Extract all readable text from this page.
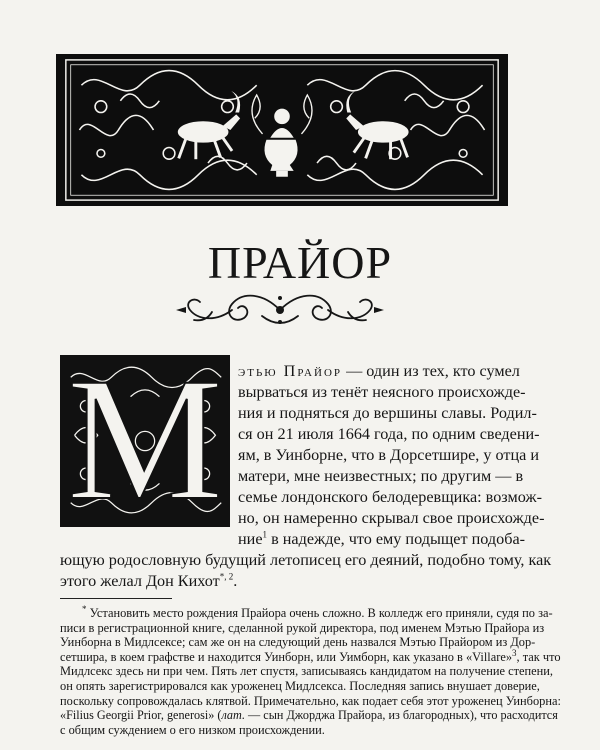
ПРАЙОР
М этью Прайор — один из тех, кто сумел
вырваться из тенёт неясного происхожде-
ния и подняться до вершины славы. Родил-
ся он 21 июля 1664 года, по одним сведени-
ям, в Уинборне, что в Дорсетшире, у отца и
матери, мне неизвестных; по другим — в
семье лондонского белодеревщика: возмож-
но, он намеренно скрывал свое происхожде-
ние$^1$ в надежде, что ему подыщет подоба-
ющую родословную будущий летописец его деяний, подобно тому, как
этого желал Дон Кихот$^{*, 2}$.
* Установить место рождения Прайора очень сложно. В колледж его приняли, судя по за-
писи в регистрационной книге, сделанной рукой директора, под именем Мэтью Прайора из
Уинборна в Мидлсексе; сам же он на следующий день назвался Мэтью Прайором из Дор-
сетшира, в коем графстве и находится Уинборн, или Уимборн, как указано в «Villare»$^3$, так что
Мидлсекс здесь ни при чем. Пять лет спустя, записываясь кандидатом на получение степени,
он опять зарегистрировался как уроженец Мидлсекса. Последняя запись внушает доверие,
поскольку сопровождалась клятвой. Примечательно, как подает себя этот уроженец Уинборна:
«Filius Georgii Prior, generosi» (лат. — сын Джорджа Прайора, из благородных), что расходится
с общим суждением о его низком происхождении.
